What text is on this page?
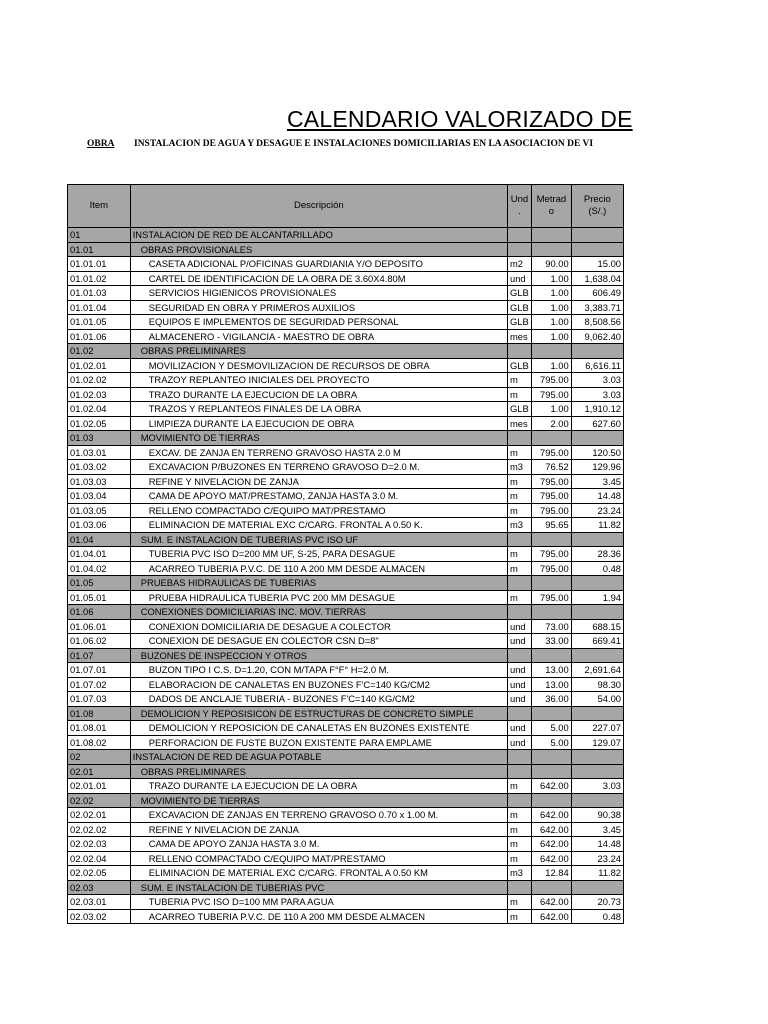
CALENDARIO VALORIZADO DE
OBRA INSTALACION DE AGUA Y DESAGUE E INSTALACIONES DOMICILIARIAS EN LA ASOCIACION DE VI
Item	Descripción	Und .	Metrad o	Precio (S/.)
01	INSTALACION DE RED DE ALCANTARILLADO			
01.01	OBRAS PROVISIONALES			
01.01.01	CASETA ADICIONAL P/OFICINAS GUARDIANIA Y/O DEPOSITO	m2	90.00	15.00
01.01.02	CARTEL DE IDENTIFICACION DE LA OBRA DE 3.60X4.80M	und	1.00	1,638.04
01.01.03	SERVICIOS HIGIENICOS PROVISIONALES	GLB	1.00	606.49
01.01.04	SEGURIDAD EN OBRA Y PRIMEROS AUXILIOS	GLB	1.00	3,383.71
01.01.05	EQUIPOS E IMPLEMENTOS DE SEGURIDAD PERSONAL	GLB	1.00	8,508.56
01.01.06	ALMACENERO - VIGILANCIA - MAESTRO DE OBRA	mes	1.00	9,062.40
01.02	OBRAS PRELIMINARES			
01.02.01	MOVILIZACION Y DESMOVILIZACION DE RECURSOS DE OBRA	GLB	1.00	6,616.11
01.02.02	TRAZOY REPLANTEO INICIALES DEL PROYECTO	m	795.00	3.03
01.02.03	TRAZO DURANTE LA EJECUCION DE LA OBRA	m	795.00	3.03
01.02.04	TRAZOS Y REPLANTEOS FINALES DE LA OBRA	GLB	1.00	1,910.12
01.02.05	LIMPIEZA DURANTE LA EJECUCION DE OBRA	mes	2.00	627.60
01.03	MOVIMIENTO DE TIERRAS			
01.03.01	EXCAV. DE ZANJA EN TERRENO GRAVOSO HASTA 2.0 M	m	795.00	120.50
01.03.02	EXCAVACION P/BUZONES EN TERRENO GRAVOSO D=2.0 M.	m3	76.52	129.96
01.03.03	REFINE Y NIVELACION DE ZANJA	m	795.00	3.45
01.03.04	CAMA DE APOYO MAT/PRESTAMO, ZANJA HASTA 3.0 M.	m	795.00	14.48
01.03.05	RELLENO COMPACTADO C/EQUIPO MAT/PRESTAMO	m	795.00	23.24
01.03.06	ELIMINACION DE MATERIAL EXC C/CARG. FRONTAL A 0.50 K.	m3	95.65	11.82
01.04	SUM. E INSTALACION DE TUBERIAS PVC ISO UF			
01.04.01	TUBERIA PVC ISO D=200 MM UF, S-25, PARA DESAGUE	m	795.00	28.36
01.04.02	ACARREO TUBERIA P.V.C. DE 110 A 200 MM DESDE ALMACEN	m	795.00	0.48
01.05	PRUEBAS HIDRAULICAS DE TUBERIAS			
01.05.01	PRUEBA HIDRAULICA TUBERIA PVC 200 MM DESAGUE	m	795.00	1.94
01.06	CONEXIONES DOMICILIARIAS INC. MOV. TIERRAS			
01.06.01	CONEXION DOMICILIARIA DE DESAGUE A COLECTOR	und	73.00	688.15
01.06.02	CONEXION DE DESAGUE EN COLECTOR CSN D=8"	und	33.00	669.41
01.07	BUZONES DE INSPECCION Y OTROS			
01.07.01	BUZON TIPO I C.S. D=1.20, CON M/TAPA F°F° H=2.0 M.	und	13.00	2,691.64
01.07.02	ELABORACION DE CANALETAS EN BUZONES F'C=140 KG/CM2	und	13.00	98.30
01.07.03	DADOS DE ANCLAJE TUBERIA - BUZONES F'C=140 KG/CM2	und	36.00	54.00
01.08	DEMOLICION Y REPOSISICON DE ESTRUCTURAS DE CONCRETO SIMPLE			
01.08.01	DEMOLICION Y REPOSICION DE CANALETAS EN BUZONES EXISTENTE	und	5.00	227.07
01.08.02	PERFORACION DE FUSTE BUZON EXISTENTE PARA EMPLAME	und	5.00	129.07
02	INSTALACION DE RED DE AGUA POTABLE			
02.01	OBRAS PRELIMINARES			
02.01.01	TRAZO DURANTE LA EJECUCION DE LA OBRA	m	642.00	3.03
02.02	MOVIMIENTO DE TIERRAS			
02.02.01	EXCAVACION DE ZANJAS EN TERRENO GRAVOSO 0.70 x 1.00 M.	m	642.00	90.38
02.02.02	REFINE Y NIVELACION DE ZANJA	m	642.00	3.45
02.02.03	CAMA DE APOYO ZANJA HASTA 3.0 M.	m	642.00	14.48
02.02.04	RELLENO COMPACTADO C/EQUIPO MAT/PRESTAMO	m	642.00	23.24
02.02.05	ELIMINACION DE MATERIAL EXC C/CARG. FRONTAL A 0.50 KM	m3	12.84	11.82
02.03	SUM. E INSTALACION DE TUBERIAS PVC			
02.03.01	TUBERIA PVC ISO D=100 MM PARA AGUA	m	642.00	20.73
02.03.02	ACARREO TUBERIA P.V.C. DE 110 A 200 MM DESDE ALMACEN	m	642.00	0.48
